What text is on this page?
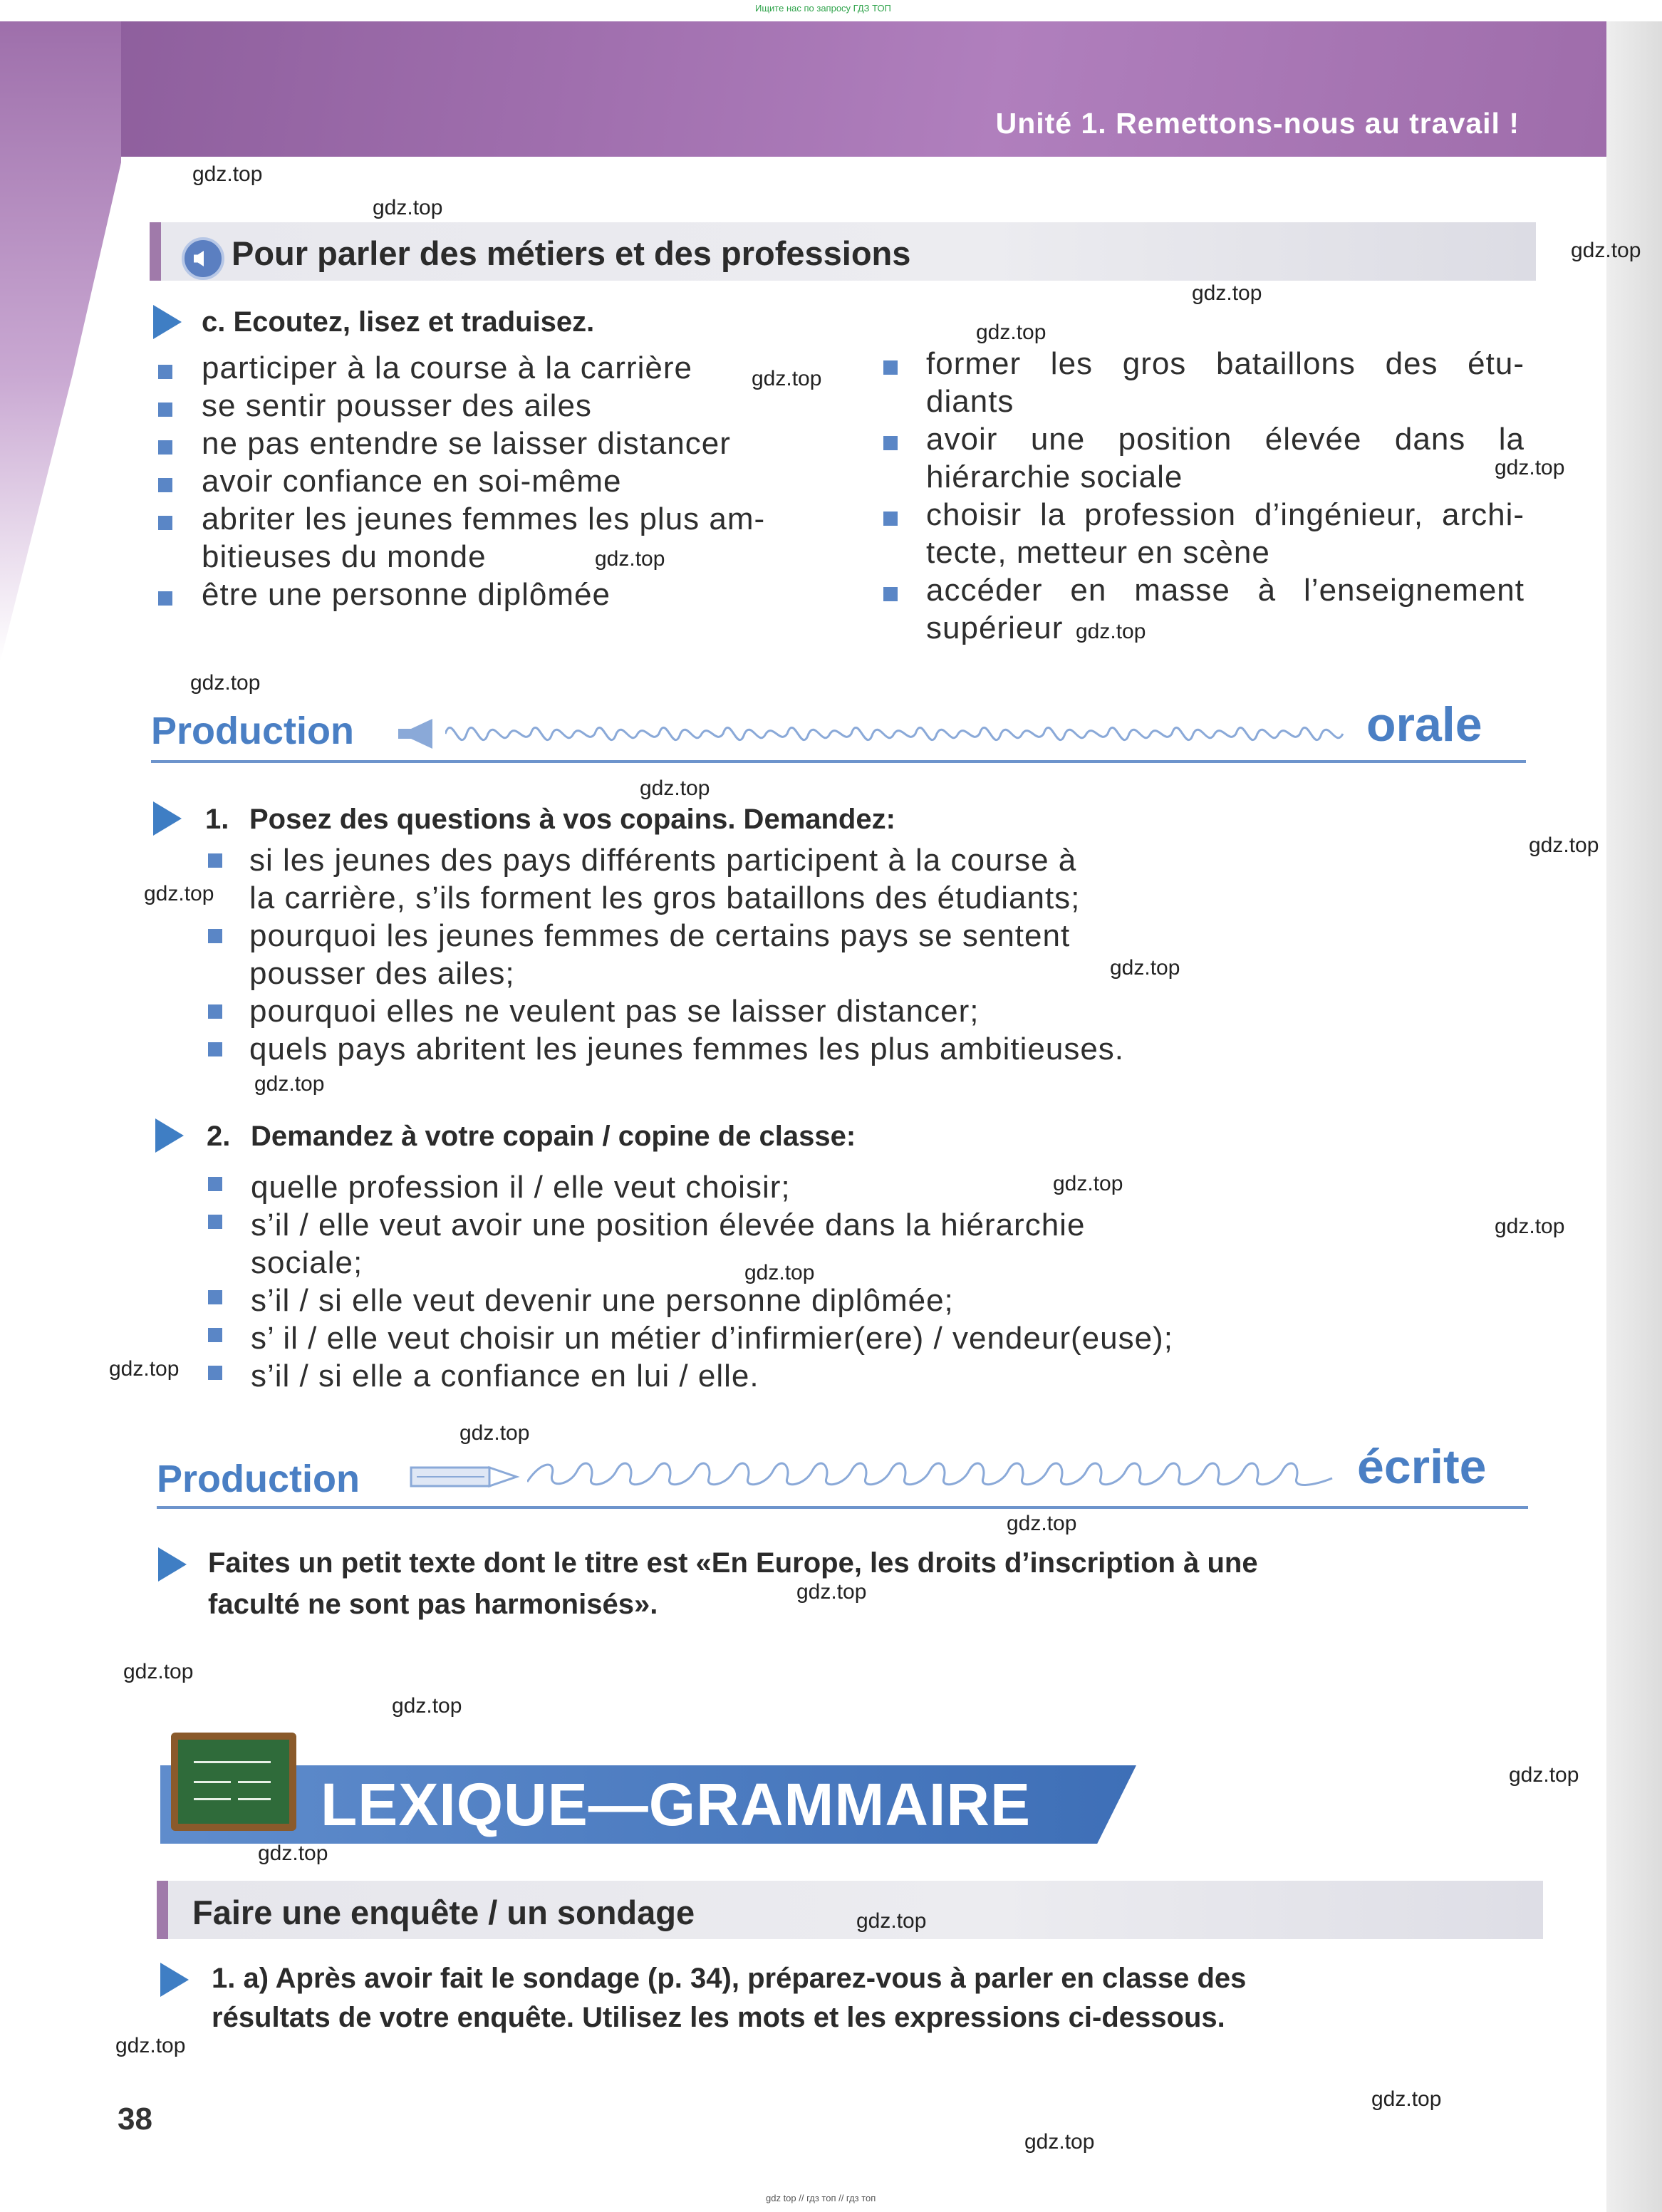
Ищите нас по запросу ГДЗ ТОП
Unité 1. Remettons-nous au travail !
Pour parler des métiers et des professions
c. Ecoutez, lisez et traduisez.
participer à la course à la carrière
se sentir pousser des ailes
ne pas entendre se laisser distancer
avoir confiance en soi-même
abriter les jeunes femmes les plus am-
bitieuses du monde
être une personne diplômée
former les gros bataillons des étu-
diants
avoir une position élevée dans la
hiérarchie sociale
choisir la profession d’ingénieur, archi-
tecte, metteur en scène
accéder en masse à l’enseignement
supérieur
Production	orale
1. Posez des questions à vos copains. Demandez:
si les jeunes des pays différents participent à la course à
la carrière, s’ils forment les gros bataillons des étudiants;
pourquoi les jeunes femmes de certains pays se sentent
pousser des ailes;
pourquoi elles ne veulent pas se laisser distancer;
quels pays abritent les jeunes femmes les plus ambitieuses.
2. Demandez à votre copain / copine de classe:
quelle profession il / elle veut choisir;
s’il / elle veut avoir une position élevée dans la hiérarchie
sociale;
s’il / si elle veut devenir une personne diplômée;
s’ il / elle veut choisir un métier d’infirmier(ere) / vendeur(euse);
s’il / si elle a confiance en lui / elle.
Production	écrite
Faites un petit texte dont le titre est «En Europe, les droits d’inscription à une
faculté ne sont pas harmonisés».
LEXIQUE—GRAMMAIRE
Faire une enquête / un sondage
1. a) Après avoir fait le sondage (p. 34), préparez-vous à parler en classe des
résultats de votre enquête. Utilisez les mots et les expressions ci-dessous.
38
gdz top // гдз топ // гдз топ
gdz.top
gdz.top
gdz.top
gdz.top
gdz.top
gdz.top
gdz.top
gdz.top
gdz.top
gdz.top
gdz.top
gdz.top
gdz.top
gdz.top
gdz.top
gdz.top
gdz.top
gdz.top
gdz.top
gdz.top
gdz.top
gdz.top
gdz.top
gdz.top
gdz.top
gdz.top
gdz.top
gdz.top
gdz.top
gdz.top
